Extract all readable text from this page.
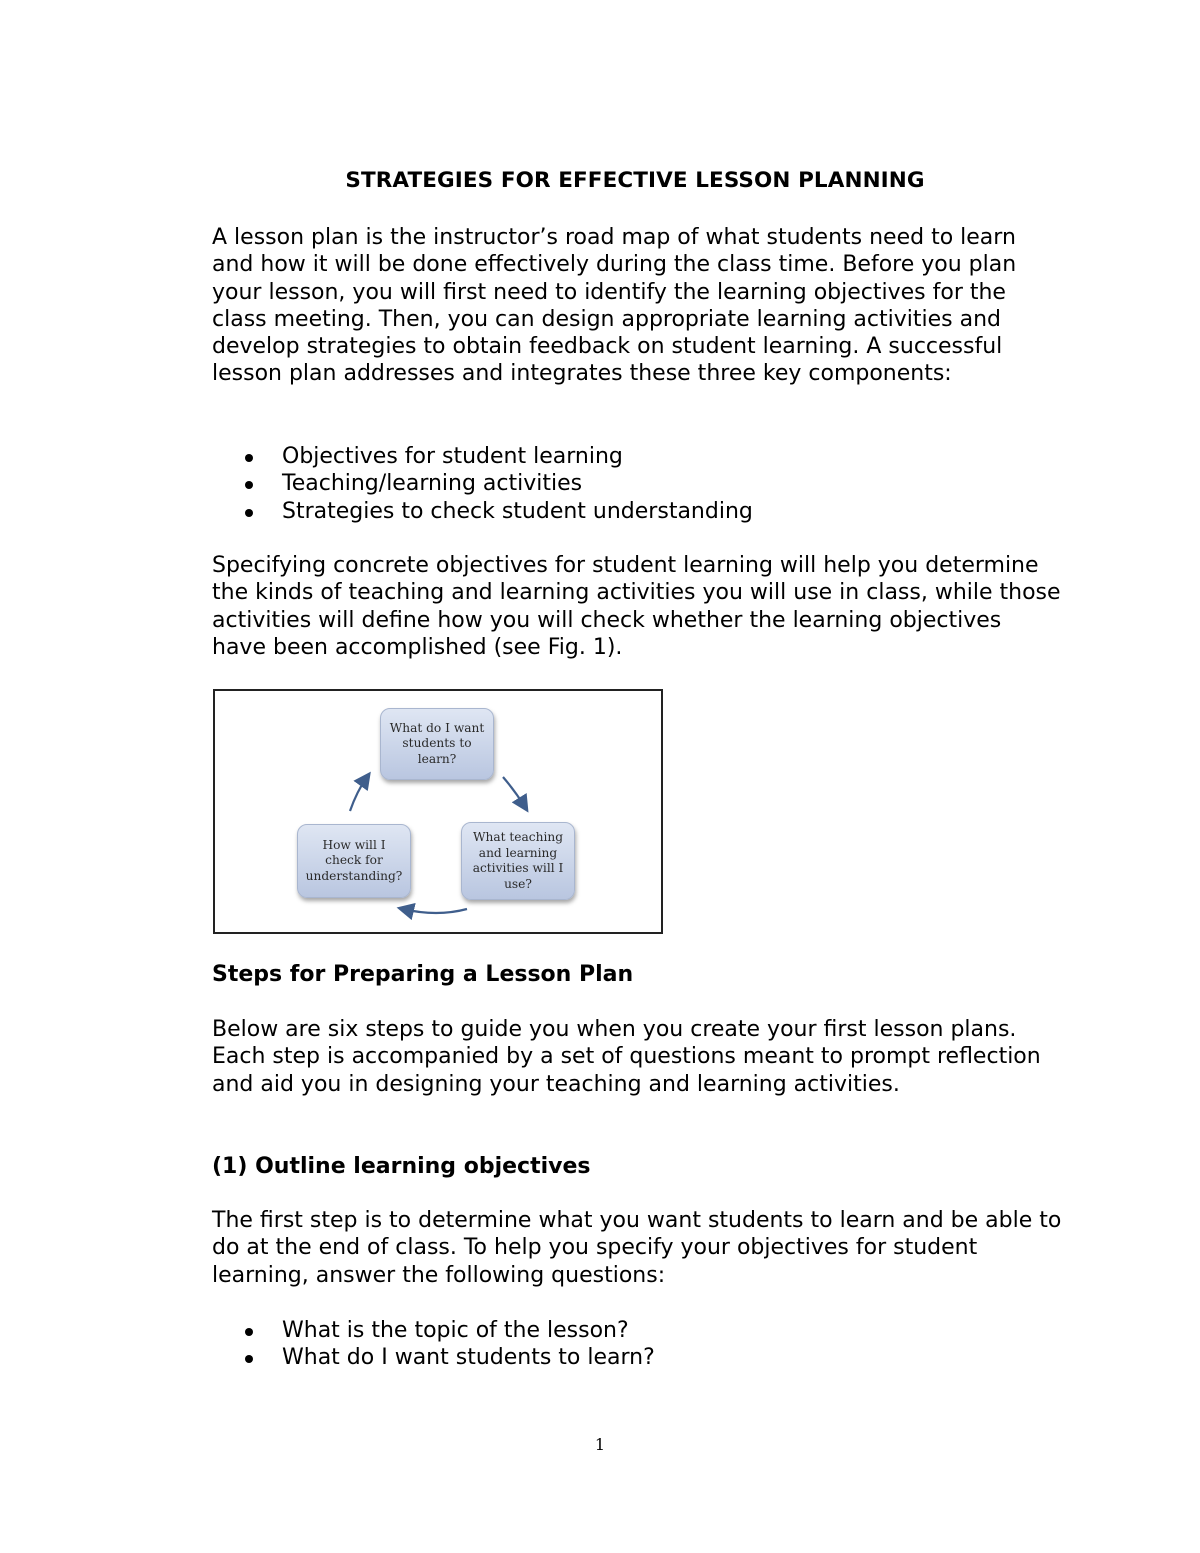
STRATEGIES FOR EFFECTIVE LESSON PLANNING

A lesson plan is the instructor’s road map of what students need to learn and how it will be done effectively during the class time. Before you plan your lesson, you will first need to identify the learning objectives for the class meeting. Then, you can design appropriate learning activities and develop strategies to obtain feedback on student learning. A successful lesson plan addresses and integrates these three key components:

Objectives for student learning
Teaching/learning activities
Strategies to check student understanding

Specifying concrete objectives for student learning will help you determine the kinds of teaching and learning activities you will use in class, while those activities will define how you will check whether the learning objectives have been accomplished (see Fig. 1).

What do I want students to learn?
What teaching and learning activities will I use?
How will I check for understanding?
Steps for Preparing a Lesson Plan

Below are six steps to guide you when you create your first lesson plans. Each step is accompanied by a set of questions meant to prompt reflection and aid you in designing your teaching and learning activities.

(1) Outline learning objectives

The first step is to determine what you want students to learn and be able to do at the end of class. To help you specify your objectives for student learning, answer the following questions:

What is the topic of the lesson?
What do I want students to learn?
1
